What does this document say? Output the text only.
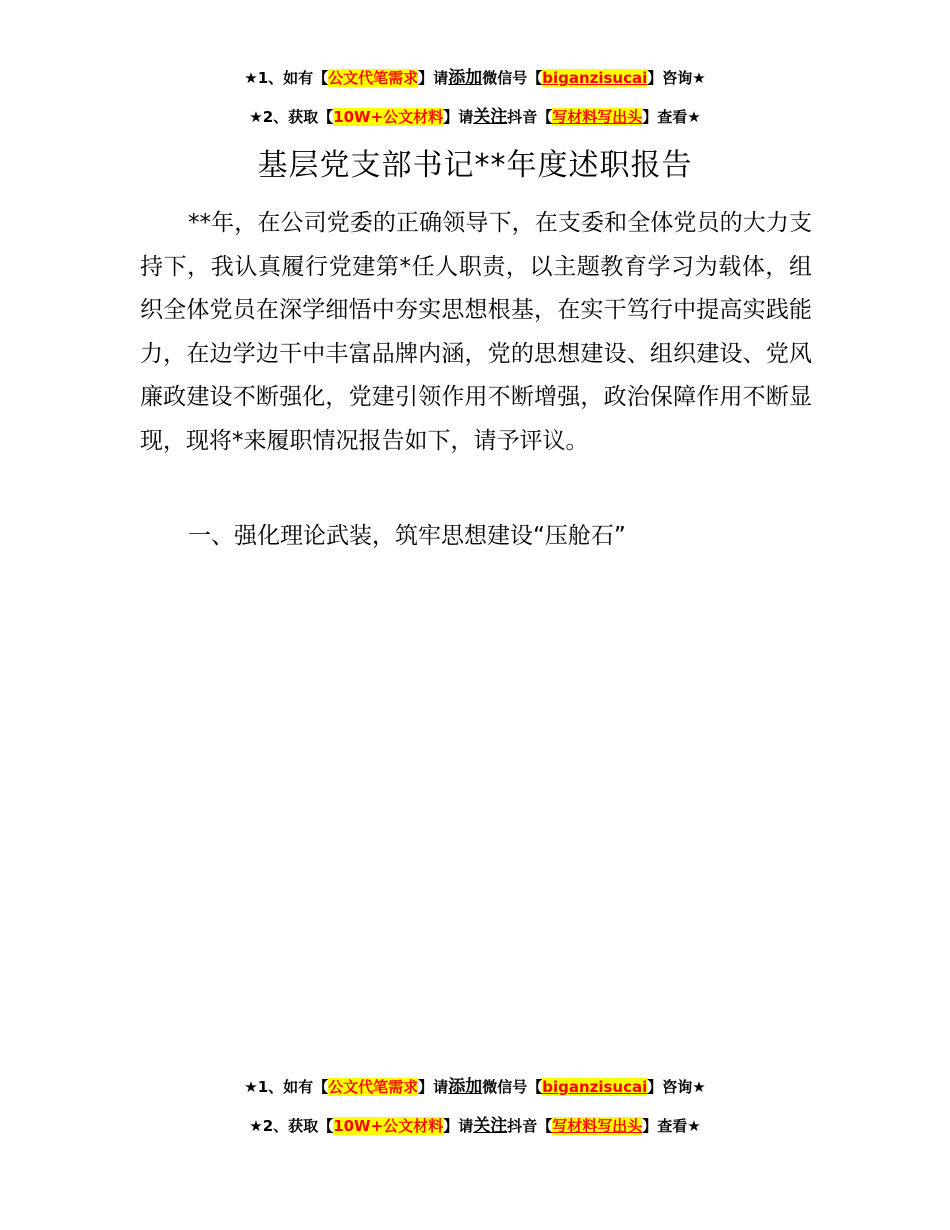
★1、如有【公文代笔需求】请添加微信号【biganzisucai】咨询★
★2、获取【10W+公文材料】请关注抖音【写材料写出头】查看★
基层党支部书记**年度述职报告

**年，在公司党委的正确领导下，在支委和全体党员的大力支持下，我认真履行党建第*任人职责，以主题教育学习为载体，组织全体党员在深学细悟中夯实思想根基，在实干笃行中提高实践能力，在边学边干中丰富品牌内涵，党的思想建设、组织建设、党风廉政建设不断强化，党建引领作用不断增强，政治保障作用不断显现，现将*来履职情况报告如下，请予评议。

一、强化理论武装，筑牢思想建设“压舱石”

★1、如有【公文代笔需求】请添加微信号【biganzisucai】咨询★
★2、获取【10W+公文材料】请关注抖音【写材料写出头】查看★
